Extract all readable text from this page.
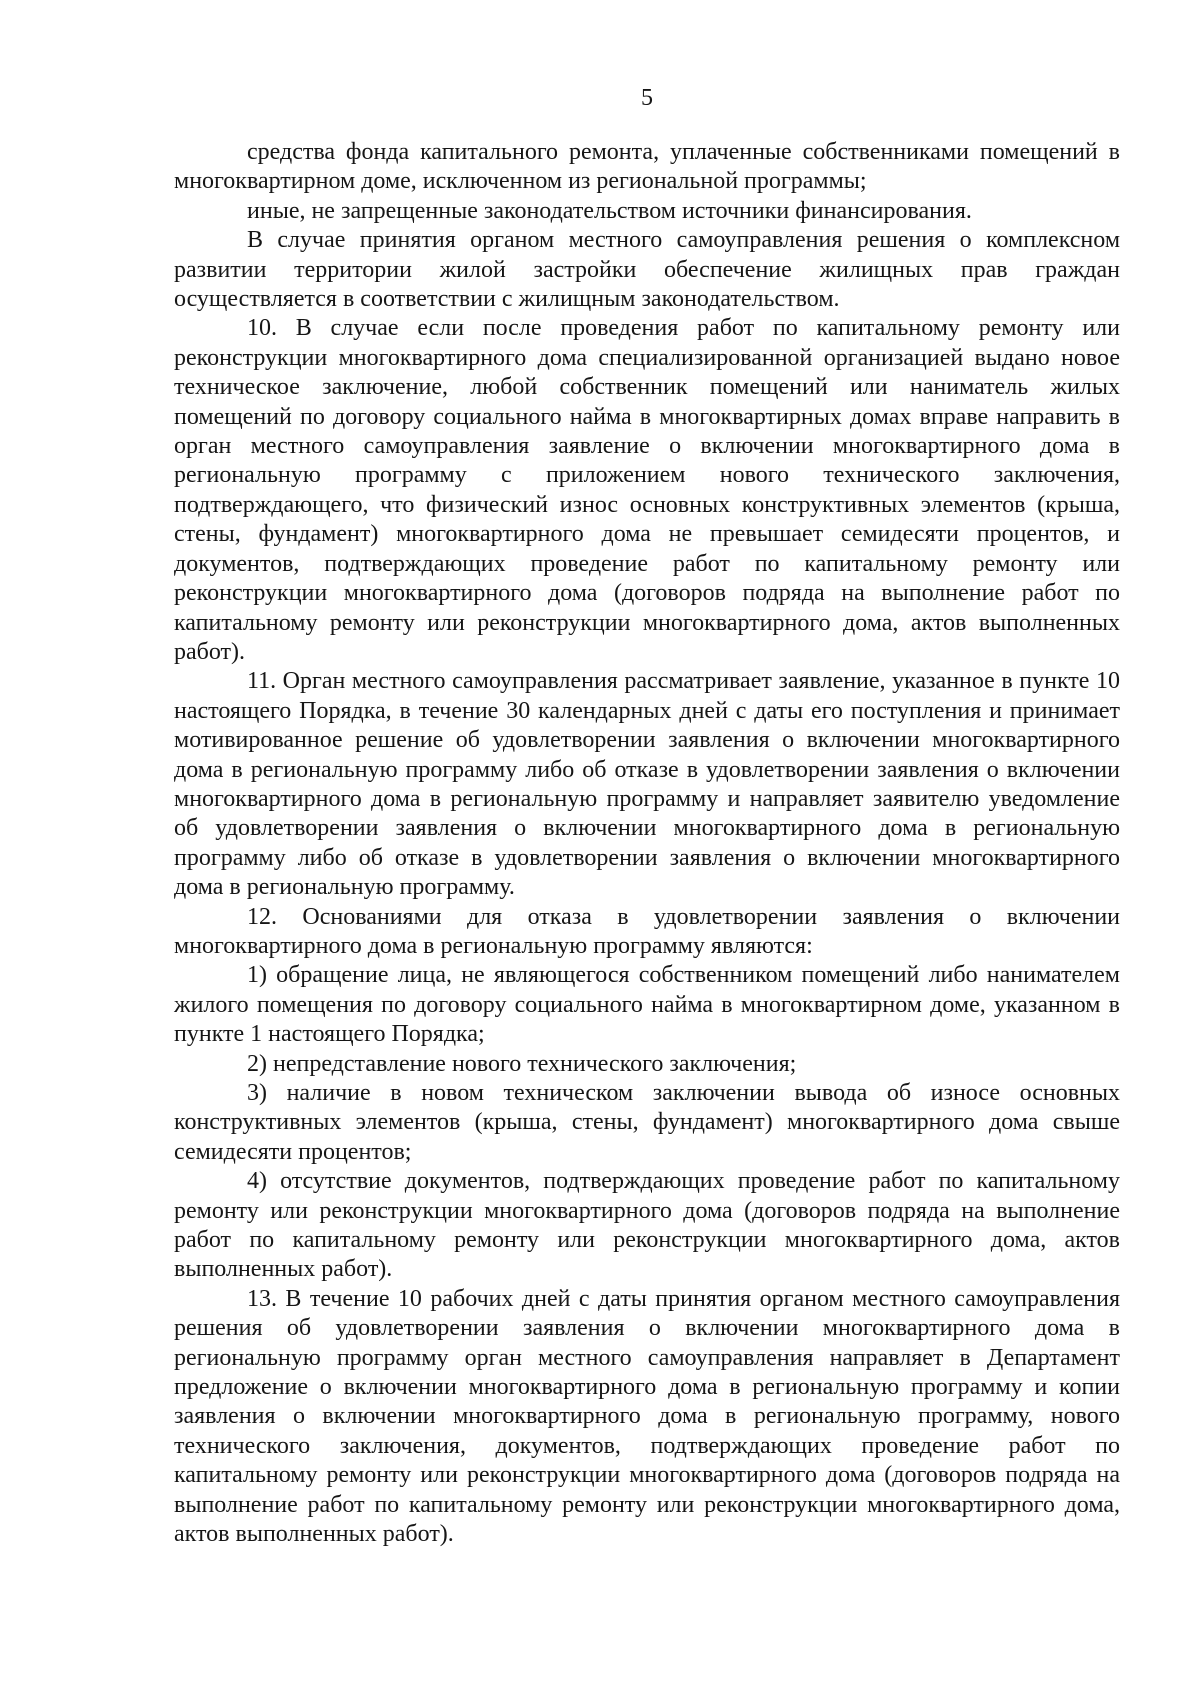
5

средства фонда капитального ремонта, уплаченные собственниками помещений в многоквартирном доме, исключенном из региональной программы;

иные, не запрещенные законодательством источники финансирования.

В случае принятия органом местного самоуправления решения о комплексном развитии территории жилой застройки обеспечение жилищных прав граждан осуществляется в соответствии с жилищным законодательством.

10. В случае если после проведения работ по капитальному ремонту или реконструкции многоквартирного дома специализированной организацией выдано новое техническое заключение, любой собственник помещений или наниматель жилых помещений по договору социального найма в многоквартирных домах вправе направить в орган местного самоуправления заявление о включении многоквартирного дома в региональную программу с приложением нового технического заключения, подтверждающего, что физический износ основных конструктивных элементов (крыша, стены, фундамент) многоквартирного дома не превышает семидесяти процентов, и документов, подтверждающих проведение работ по капитальному ремонту или реконструкции многоквартирного дома (договоров подряда на выполнение работ по капитальному ремонту или реконструкции многоквартирного дома, актов выполненных работ).

11. Орган местного самоуправления рассматривает заявление, указанное в пункте 10 настоящего Порядка, в течение 30 календарных дней с даты его поступления и принимает мотивированное решение об удовлетворении заявления о включении многоквартирного дома в региональную программу либо об отказе в удовлетворении заявления о включении многоквартирного дома в региональную программу и направляет заявителю уведомление об удовлетворении заявления о включении многоквартирного дома в региональную программу либо об отказе в удовлетворении заявления о включении многоквартирного дома в региональную программу.

12. Основаниями для отказа в удовлетворении заявления о включении многоквартирного дома в региональную программу являются:

1) обращение лица, не являющегося собственником помещений либо нанимателем жилого помещения по договору социального найма в многоквартирном доме, указанном в пункте 1 настоящего Порядка;

2) непредставление нового технического заключения;

3) наличие в новом техническом заключении вывода об износе основных конструктивных элементов (крыша, стены, фундамент) многоквартирного дома свыше семидесяти процентов;

4) отсутствие документов, подтверждающих проведение работ по капитальному ремонту или реконструкции многоквартирного дома (договоров подряда на выполнение работ по капитальному ремонту или реконструкции многоквартирного дома, актов выполненных работ).

13. В течение 10 рабочих дней с даты принятия органом местного самоуправления решения об удовлетворении заявления о включении многоквартирного дома в региональную программу орган местного самоуправления направляет в Департамент предложение о включении многоквартирного дома в региональную программу и копии заявления о включении многоквартирного дома в региональную программу, нового технического заключения, документов, подтверждающих проведение работ по капитальному ремонту или реконструкции многоквартирного дома (договоров подряда на выполнение работ по капитальному ремонту или реконструкции многоквартирного дома, актов выполненных работ).
